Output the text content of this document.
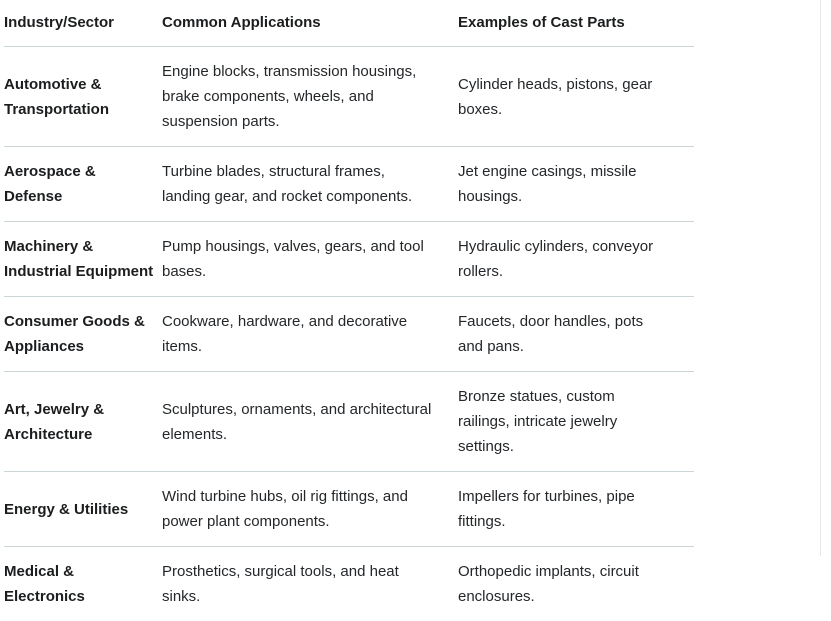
Industry/Sector	Common Applications	Examples of Cast Parts
Automotive & Transportation	Engine blocks, transmission housings, brake components, wheels, and suspension parts.	Cylinder heads, pistons, gear boxes.
Aerospace & Defense	Turbine blades, structural frames, landing gear, and rocket components.	Jet engine casings, missile housings.
Machinery & Industrial Equipment	Pump housings, valves, gears, and tool bases.	Hydraulic cylinders, conveyor rollers.
Consumer Goods & Appliances	Cookware, hardware, and decorative items.	Faucets, door handles, pots and pans.
Art, Jewelry & Architecture	Sculptures, ornaments, and architectural elements.	Bronze statues, custom railings, intricate jewelry settings.
Energy & Utilities	Wind turbine hubs, oil rig fittings, and power plant components.	Impellers for turbines, pipe fittings.
Medical & Electronics	Prosthetics, surgical tools, and heat sinks.	Orthopedic implants, circuit enclosures.
